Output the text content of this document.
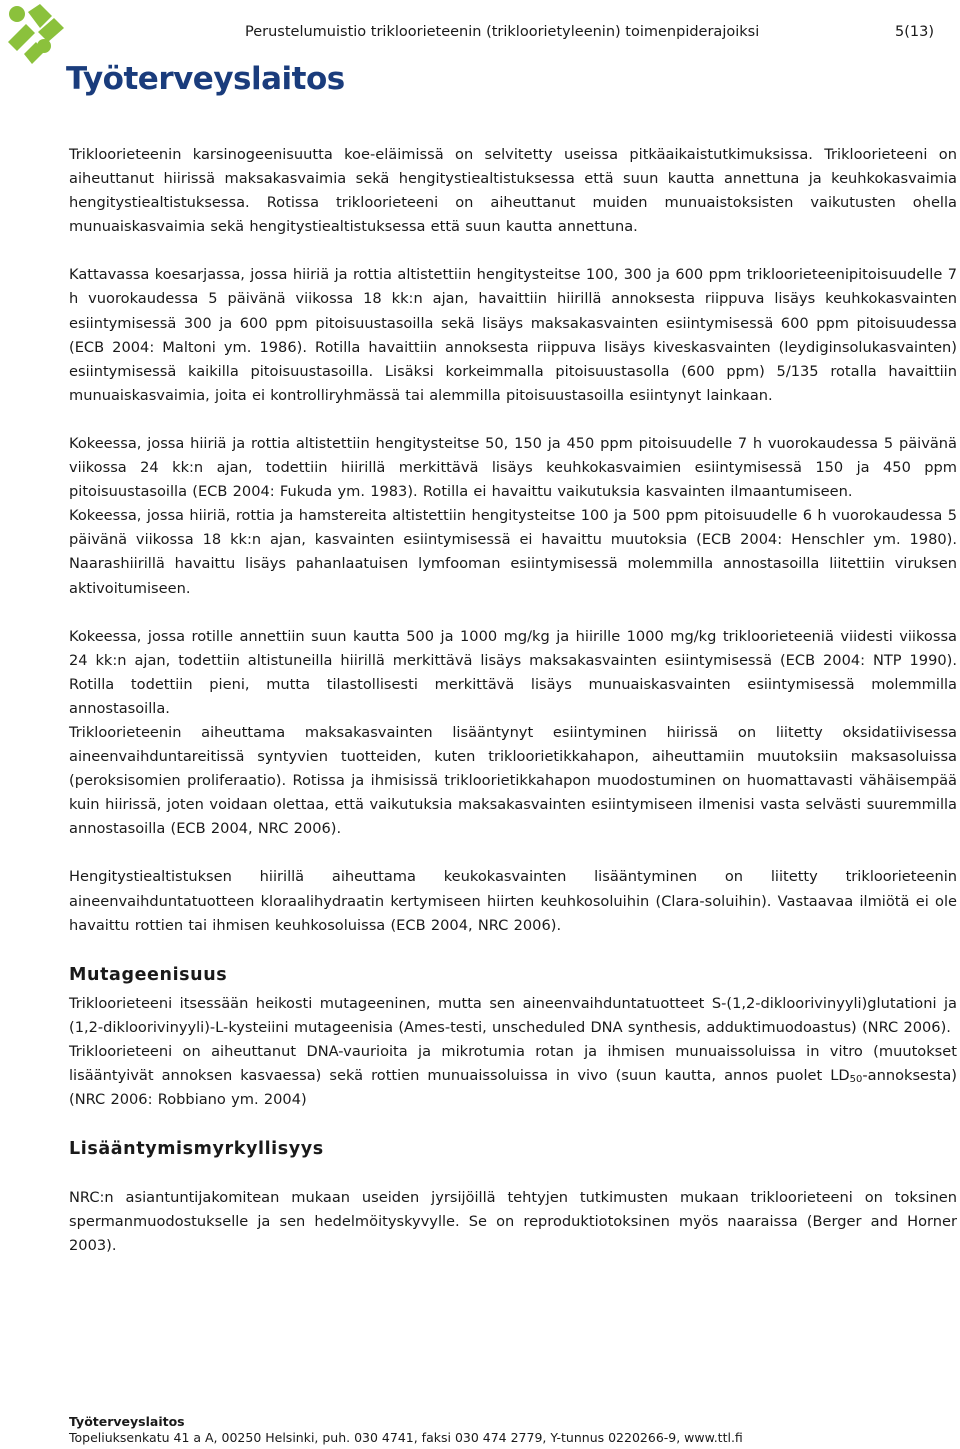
Työterveyslaitos
Perustelumuistio trikloorieteenin (trikloorietyleenin) toimenpiderajoiksi	5(13)

Trikloorieteenin karsinogeenisuutta koe-eläimissä on selvitetty useissa pitkäaikaistutkimuksissa. Trikloorieteeni on aiheuttanut hiirissä maksakasvaimia sekä hengitystiealtistuksessa että suun kautta annettuna ja keuhkokasvaimia hengitystiealtistuksessa. Rotissa trikloorieteeni on aiheuttanut muiden munuaistoksisten vaikutusten ohella munuaiskasvaimia sekä hengitystiealtistuksessa että suun kautta annettuna.

Kattavassa koesarjassa, jossa hiiriä ja rottia altistettiin hengitysteitse 100, 300 ja 600 ppm trikloorieteenipitoisuudelle 7 h vuorokaudessa 5 päivänä viikossa 18 kk:n ajan, havaittiin hiirillä annoksesta riippuva lisäys keuhkokasvainten esiintymisessä 300 ja 600 ppm pitoisuustasoilla sekä lisäys maksakasvainten esiintymisessä 600 ppm pitoisuudessa (ECB 2004: Maltoni ym. 1986). Rotilla havaittiin annoksesta riippuva lisäys kiveskasvainten (leydiginsolukasvainten) esiintymisessä kaikilla pitoisuustasoilla. Lisäksi korkeimmalla pitoisuustasolla (600 ppm) 5/135 rotalla havaittiin munuaiskasvaimia, joita ei kontrolliryhmässä tai alemmilla pitoisuustasoilla esiintynyt lainkaan.

Kokeessa, jossa hiiriä ja rottia altistettiin hengitysteitse 50, 150 ja 450 ppm pitoisuudelle 7 h vuorokaudessa 5 päivänä viikossa 24 kk:n ajan, todettiin hiirillä merkittävä lisäys keuhkokasvaimien esiintymisessä 150 ja 450 ppm pitoisuustasoilla (ECB 2004: Fukuda ym. 1983). Rotilla ei havaittu vaikutuksia kasvainten ilmaantumiseen.

Kokeessa, jossa hiiriä, rottia ja hamstereita altistettiin hengitysteitse 100 ja 500 ppm pitoisuudelle 6 h vuorokaudessa 5 päivänä viikossa 18 kk:n ajan, kasvainten esiintymisessä ei havaittu muutoksia (ECB 2004: Henschler ym. 1980). Naarashiirillä havaittu lisäys pahanlaatuisen lymfooman esiintymisessä molemmilla annostasoilla liitettiin viruksen aktivoitumiseen.

Kokeessa, jossa rotille annettiin suun kautta 500 ja 1000 mg/kg ja hiirille 1000 mg/kg trikloorieteeniä viidesti viikossa 24 kk:n ajan, todettiin altistuneilla hiirillä merkittävä lisäys maksakasvainten esiintymisessä (ECB 2004: NTP 1990). Rotilla todettiin pieni, mutta tilastollisesti merkittävä lisäys munuaiskasvainten esiintymisessä molemmilla annostasoilla.

Trikloorieteenin aiheuttama maksakasvainten lisääntynyt esiintyminen hiirissä on liitetty oksidatiivisessa aineenvaihduntareitissä syntyvien tuotteiden, kuten trikloorietikkahapon, aiheuttamiin muutoksiin maksasoluissa (peroksisomien proliferaatio). Rotissa ja ihmisissä trikloorietikkahapon muodostuminen on huomattavasti vähäisempää kuin hiirissä, joten voidaan olettaa, että vaikutuksia maksakasvainten esiintymiseen ilmenisi vasta selvästi suuremmilla annostasoilla (ECB 2004, NRC 2006).

Hengitystiealtistuksen hiirillä aiheuttama keukokasvainten lisääntyminen on liitetty trikloorieteenin aineenvaihduntatuotteen kloraalihydraatin kertymiseen hiirten keuhkosoluihin (Clara-soluihin). Vastaavaa ilmiötä ei ole havaittu rottien tai ihmisen keuhkosoluissa (ECB 2004, NRC 2006).

Mutageenisuus

Trikloorieteeni itsessään heikosti mutageeninen, mutta sen aineenvaihduntatuotteet S-(1,2-dikloorivinyyli)glutationi ja (1,2-dikloorivinyyli)-L-kysteiini mutageenisia (Ames-testi, unscheduled DNA synthesis, adduktimuodoastus) (NRC 2006).

Trikloorieteeni on aiheuttanut DNA-vaurioita ja mikrotumia rotan ja ihmisen munuaissoluissa in vitro (muutokset lisääntyivät annoksen kasvaessa) sekä rottien munuaissoluissa in vivo (suun kautta, annos puolet $LD_{50}-annoksesta$) (NRC 2006: Robbiano ym. 2004)

Lisääntymismyrkyllisyys

NRC:n asiantuntijakomitean mukaan useiden jyrsijöillä tehtyjen tutkimusten mukaan trikloorieteeni on toksinen spermanmuodostukselle ja sen hedelmöityskyvylle. Se on reproduktiotoksinen myös naaraissa (Berger and Horner 2003).

Työterveyslaitos
Topeliuksenkatu 41 a A, 00250 Helsinki, puh. 030 4741, faksi 030 474 2779, Y-tunnus 0220266-9, www.ttl.fi
